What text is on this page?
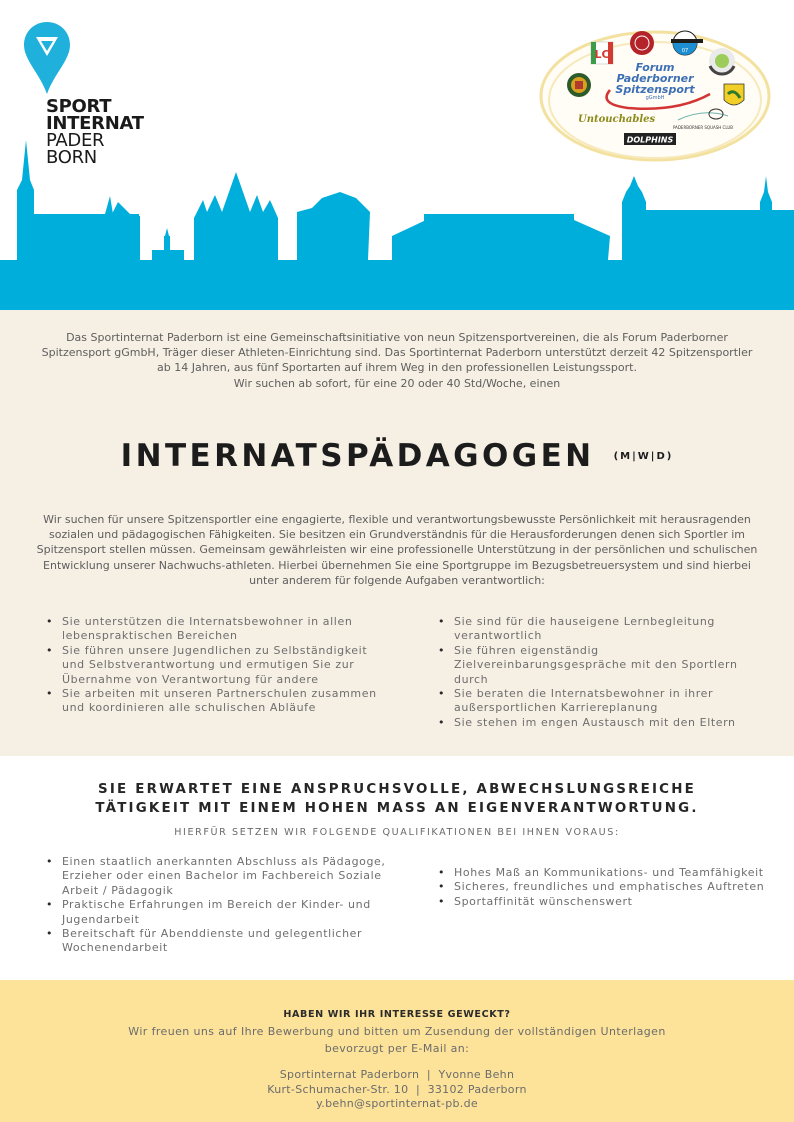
SPORT
INTERNAT
PADER
BORN
LC	07
Untouchables
PADERBORNER SQUASH CLUB
DOLPHINS
Forum
Paderborner
Spitzensport
gGmbH
Das Sportinternat Paderborn ist eine Gemeinschaftsinitiative von neun Spitzensportvereinen, die als Forum Paderborner Spitzensport gGmbH, Träger dieser Athleten-Einrichtung sind. Das Sportinternat Paderborn unterstützt derzeit 42 Spitzensportler ab 14 Jahren, aus fünf Sportarten auf ihrem Weg in den professionellen Leistungssport.
Wir suchen ab sofort, für eine 20 oder 40 Std/Woche, einen
INTERNATSPÄDAGOGEN (M|W|D)
Wir suchen für unsere Spitzensportler eine engagierte, flexible und verantwortungsbewusste Persönlichkeit mit herausragenden sozialen und pädagogischen Fähigkeiten. Sie besitzen ein Grundverständnis für die Herausforderungen denen sich Sportler im Spitzensport stellen müssen. Gemeinsam gewährleisten wir eine professionelle Unterstützung in der persönlichen und schulischen Entwicklung unserer Nachwuchs-athleten. Hierbei übernehmen Sie eine Sportgruppe im Bezugsbetreuersystem und sind hierbei unter anderem für folgende Aufgaben verantwortlich:
• Sie unterstützen die Internatsbewohner in allen lebenspraktischen Bereichen
• Sie führen unsere Jugendlichen zu Selbständigkeit und Selbstverantwortung und ermutigen Sie zur Übernahme von Verantwortung für andere
• Sie arbeiten mit unseren Partnerschulen zusammen und koordinieren alle schulischen Abläufe
• Sie sind für die hauseigene Lernbegleitung verantwortlich
• Sie führen eigenständig Zielvereinbarungsgespräche mit den Sportlern durch
• Sie beraten die Internatsbewohner in ihrer außersportlichen Karriereplanung
• Sie stehen im engen Austausch mit den Eltern
SIE ERWARTET EINE ANSPRUCHSVOLLE, ABWECHSLUNGSREICHE
TÄTIGKEIT MIT EINEM HOHEN MASS AN EIGENVERANTWORTUNG.
HIERFÜR SETZEN WIR FOLGENDE QUALIFIKATIONEN BEI IHNEN VORAUS:
• Einen staatlich anerkannten Abschluss als Pädagoge, Erzieher oder einen Bachelor im Fachbereich Soziale Arbeit / Pädagogik
• Praktische Erfahrungen im Bereich der Kinder- und Jugendarbeit
• Bereitschaft für Abenddienste und gelegentlicher Wochenendarbeit
• Hohes Maß an Kommunikations- und Teamfähigkeit
• Sicheres, freundliches und emphatisches Auftreten
• Sportaffinität wünschenswert
HABEN WIR IHR INTERESSE GEWECKT?
Wir freuen uns auf Ihre Bewerbung und bitten um Zusendung der vollständigen Unterlagen
bevorzugt per E-Mail an:
Sportinternat Paderborn  |  Yvonne Behn
Kurt-Schumacher-Str. 10  |  33102 Paderborn
y.behn@sportinternat-pb.de
